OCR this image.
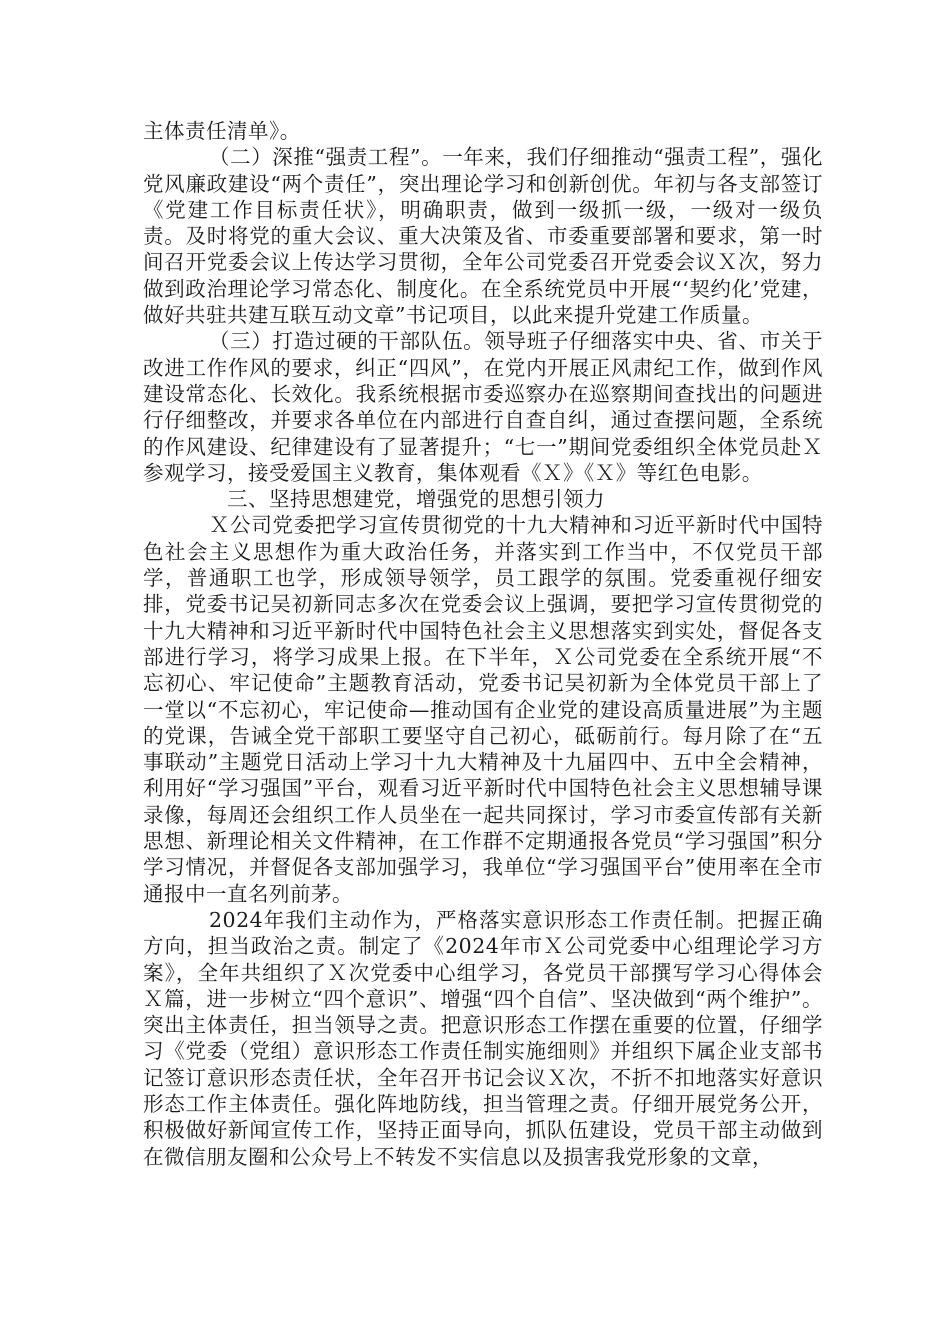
主体责任清单》。

（二）深推“强责工程”。一年来，我们仔细推动“强责工程”，强化党风廉政建设“两个责任”，突出理论学习和创新创优。年初与各支部签订《党建工作目标责任状》，明确职责，做到一级抓一级，一级对一级负责。及时将党的重大会议、重大决策及省、市委重要部署和要求，第一时间召开党委会议上传达学习贯彻，全年公司党委召开党委会议Ｘ次，努力做到政治理论学习常态化、制度化。在全系统党员中开展“‘契约化’党建，做好共驻共建互联互动文章”书记项目，以此来提升党建工作质量。

（三）打造过硬的干部队伍。领导班子仔细落实中央、省、市关于改进工作作风的要求，纠正“四风”，在党内开展正风肃纪工作，做到作风建设常态化、长效化。我系统根据市委巡察办在巡察期间查找出的问题进行仔细整改，并要求各单位在内部进行自查自纠，通过查摆问题，全系统的作风建设、纪律建设有了显著提升；“七一”期间党委组织全体党员赴Ｘ参观学习，接受爱国主义教育，集体观看《Ｘ》《Ｘ》等红色电影。

三、坚持思想建党，增强党的思想引领力

Ｘ公司党委把学习宣传贯彻党的十九大精神和习近平新时代中国特色社会主义思想作为重大政治任务，并落实到工作当中，不仅党员干部学，普通职工也学，形成领导领学，员工跟学的氛围。党委重视仔细安排，党委书记吴初新同志多次在党委会议上强调，要把学习宣传贯彻党的十九大精神和习近平新时代中国特色社会主义思想落实到实处，督促各支部进行学习，将学习成果上报。在下半年，Ｘ公司党委在全系统开展“不忘初心、牢记使命”主题教育活动，党委书记吴初新为全体党员干部上了一堂以“不忘初心，牢记使命—推动国有企业党的建设高质量进展”为主题的党课，告诫全党干部职工要坚守自己初心，砥砺前行。每月除了在“五事联动”主题党日活动上学习十九大精神及十九届四中、五中全会精神，利用好“学习强国”平台，观看习近平新时代中国特色社会主义思想辅导课录像，每周还会组织工作人员坐在一起共同探讨，学习市委宣传部有关新思想、新理论相关文件精神，在工作群不定期通报各党员“学习强国”积分学习情况，并督促各支部加强学习，我单位“学习强国平台”使用率在全市通报中一直名列前茅。

2024年我们主动作为，严格落实意识形态工作责任制。把握正确方向，担当政治之责。制定了《2024年市Ｘ公司党委中心组理论学习方案》，全年共组织了Ｘ次党委中心组学习，各党员干部撰写学习心得体会Ｘ篇，进一步树立“四个意识”、增强“四个自信”、坚决做到“两个维护”。突出主体责任，担当领导之责。把意识形态工作摆在重要的位置，仔细学习《党委（党组）意识形态工作责任制实施细则》并组织下属企业支部书记签订意识形态责任状，全年召开书记会议Ｘ次，不折不扣地落实好意识形态工作主体责任。强化阵地防线，担当管理之责。仔细开展党务公开，积极做好新闻宣传工作，坚持正面导向，抓队伍建设，党员干部主动做到在微信朋友圈和公众号上不转发不实信息以及损害我党形象的文章，
